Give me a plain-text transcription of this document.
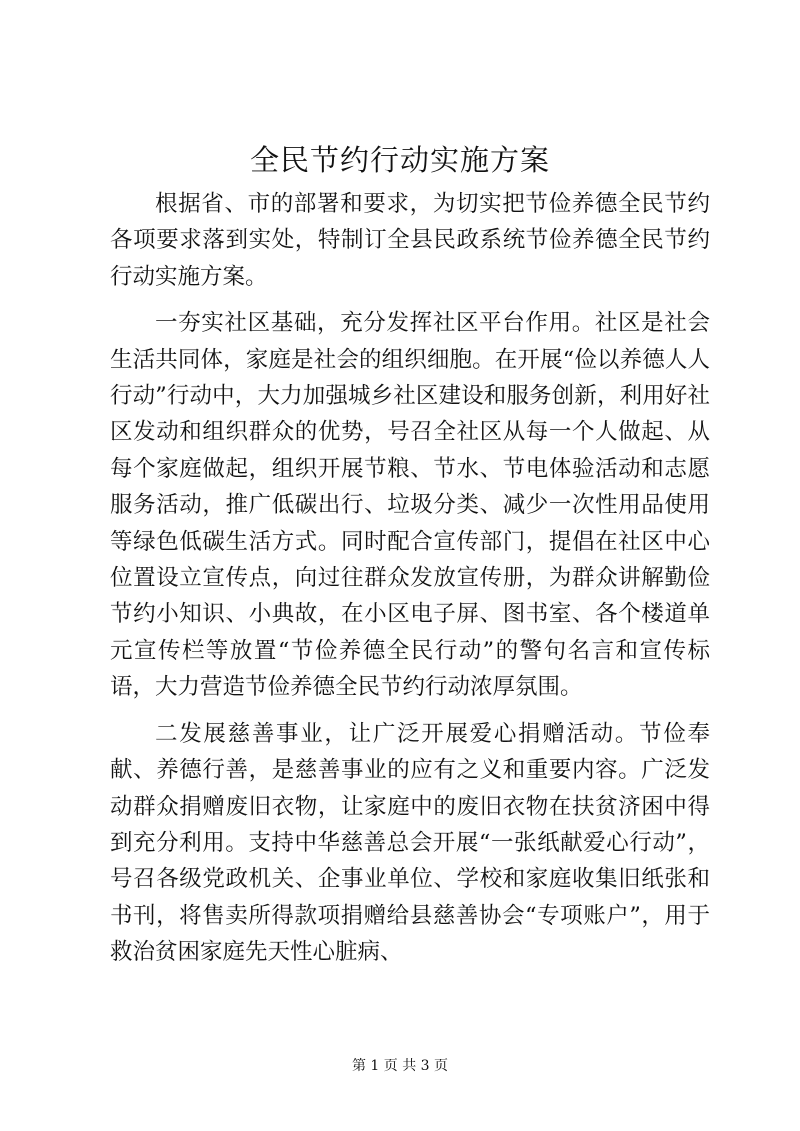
全民节约行动实施方案

根据省、市的部署和要求，为切实把节俭养德全民节约各项要求落到实处，特制订全县民政系统节俭养德全民节约行动实施方案。

一夯实社区基础，充分发挥社区平台作用。社区是社会生活共同体，家庭是社会的组织细胞。在开展“俭以养德人人行动”行动中，大力加强城乡社区建设和服务创新，利用好社区发动和组织群众的优势，号召全社区从每一个人做起、从每个家庭做起，组织开展节粮、节水、节电体验活动和志愿服务活动，推广低碳出行、垃圾分类、减少一次性用品使用等绿色低碳生活方式。同时配合宣传部门，提倡在社区中心位置设立宣传点，向过往群众发放宣传册，为群众讲解勤俭节约小知识、小典故，在小区电子屏、图书室、各个楼道单元宣传栏等放置“节俭养德全民行动”的警句名言和宣传标语，大力营造节俭养德全民节约行动浓厚氛围。

二发展慈善事业，让广泛开展爱心捐赠活动。节俭奉献、养德行善，是慈善事业的应有之义和重要内容。广泛发动群众捐赠废旧衣物，让家庭中的废旧衣物在扶贫济困中得到充分利用。支持中华慈善总会开展“一张纸献爱心行动”，号召各级党政机关、企事业单位、学校和家庭收集旧纸张和书刊，将售卖所得款项捐赠给县慈善协会“专项账户”，用于救治贫困家庭先天性心脏病、

第 1 页 共 3 页
